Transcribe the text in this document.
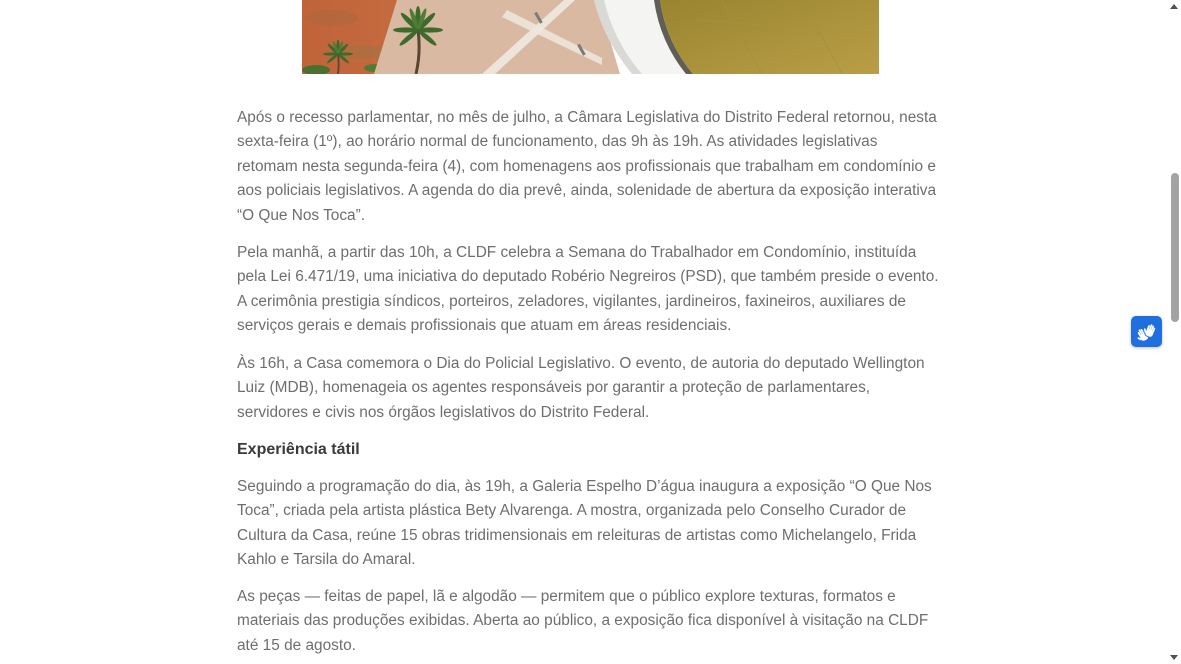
Após o recesso parlamentar, no mês de julho, a Câmara Legislativa do Distrito Federal retornou, nesta
sexta-feira (1º), ao horário normal de funcionamento, das 9h às 19h. As atividades legislativas
retomam nesta segunda-feira (4), com homenagens aos profissionais que trabalham em condomínio e
aos policiais legislativos. A agenda do dia prevê, ainda, solenidade de abertura da exposição interativa
“O Que Nos Toca”.

Pela manhã, a partir das 10h, a CLDF celebra a Semana do Trabalhador em Condomínio, instituída
pela Lei 6.471/19, uma iniciativa do deputado Robério Negreiros (PSD), que também preside o evento.
A cerimônia prestigia síndicos, porteiros, zeladores, vigilantes, jardineiros, faxineiros, auxiliares de
serviços gerais e demais profissionais que atuam em áreas residenciais.

Às 16h, a Casa comemora o Dia do Policial Legislativo. O evento, de autoria do deputado Wellington
Luiz (MDB), homenageia os agentes responsáveis por garantir a proteção de parlamentares,
servidores e civis nos órgãos legislativos do Distrito Federal.

Experiência tátil

Seguindo a programação do dia, às 19h, a Galeria Espelho D’água inaugura a exposição “O Que Nos
Toca”, criada pela artista plástica Bety Alvarenga. A mostra, organizada pelo Conselho Curador de
Cultura da Casa, reúne 15 obras tridimensionais em releituras de artistas como Michelangelo, Frida
Kahlo e Tarsila do Amaral.

As peças — feitas de papel, lã e algodão — permitem que o público explore texturas, formatos e
materiais das produções exibidas. Aberta ao público, a exposição fica disponível à visitação na CLDF
até 15 de agosto.
